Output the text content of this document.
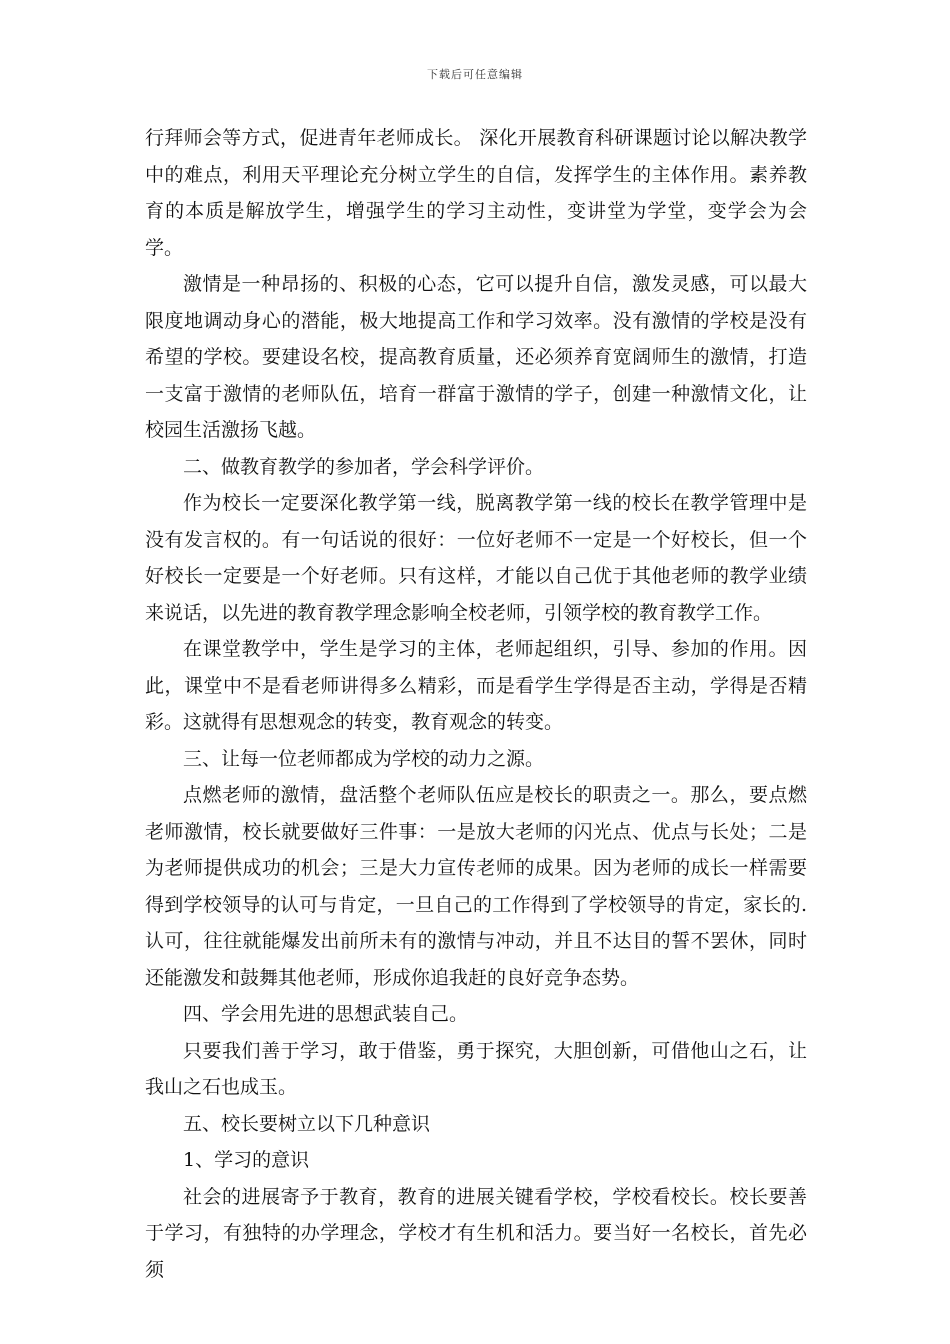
下载后可任意编辑

行拜师会等方式，促进青年老师成长。 深化开展教育科研课题讨论以解决教学中的难点，利用天平理论充分树立学生的自信，发挥学生的主体作用。素养教育的本质是解放学生，增强学生的学习主动性，变讲堂为学堂，变学会为会学。

激情是一种昂扬的、积极的心态，它可以提升自信，激发灵感，可以最大限度地调动身心的潜能，极大地提高工作和学习效率。没有激情的学校是没有希望的学校。要建设名校，提高教育质量，还必须养育宽阔师生的激情，打造一支富于激情的老师队伍，培育一群富于激情的学子，创建一种激情文化，让校园生活激扬飞越。

二、做教育教学的参加者，学会科学评价。

作为校长一定要深化教学第一线，脱离教学第一线的校长在教学管理中是没有发言权的。有一句话说的很好：一位好老师不一定是一个好校长，但一个好校长一定要是一个好老师。只有这样，才能以自己优于其他老师的教学业绩来说话，以先进的教育教学理念影响全校老师，引领学校的教育教学工作。

在课堂教学中，学生是学习的主体，老师起组织，引导、参加的作用。因此，课堂中不是看老师讲得多么精彩，而是看学生学得是否主动，学得是否精彩。这就得有思想观念的转变，教育观念的转变。

三、让每一位老师都成为学校的动力之源。

点燃老师的激情，盘活整个老师队伍应是校长的职责之一。那么，要点燃老师激情，校长就要做好三件事：一是放大老师的闪光点、优点与长处；二是为老师提供成功的机会；三是大力宣传老师的成果。因为老师的成长一样需要得到学校领导的认可与肯定，一旦自己的工作得到了学校领导的肯定，家长的.认可，往往就能爆发出前所未有的激情与冲动，并且不达目的誓不罢休，同时还能激发和鼓舞其他老师，形成你追我赶的良好竞争态势。

四、学会用先进的思想武装自己。

只要我们善于学习，敢于借鉴，勇于探究，大胆创新，可借他山之石，让我山之石也成玉。

五、校长要树立以下几种意识

1、学习的意识

社会的进展寄予于教育，教育的进展关键看学校，学校看校长。校长要善于学习，有独特的办学理念，学校才有生机和活力。要当好一名校长，首先必须
